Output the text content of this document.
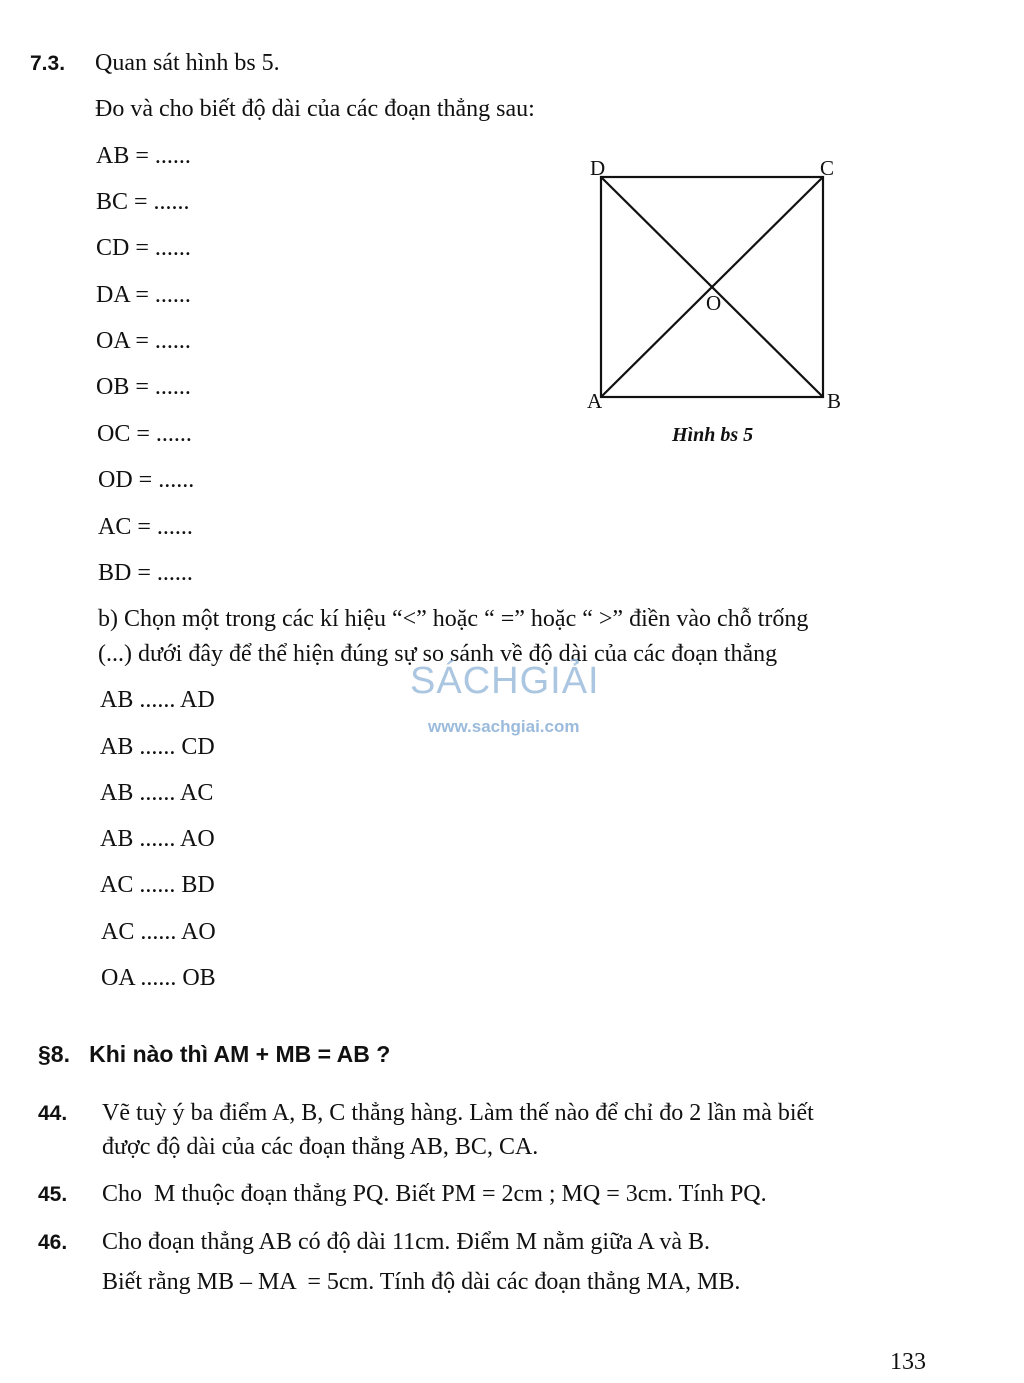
7.3. Quan sát hình bs 5.
Đo và cho biết độ dài của các đoạn thẳng sau:
AB = ......
BC = ......
CD = ......
DA = ......
OA = ......
OB = ......
OC = ......
OD = ......
AC = ......
BD = ......
D	C
O
A	B
Hình bs 5
b) Chọn một trong các kí hiệu “<” hoặc “ =” hoặc “ >” điền vào chỗ trống
(...) dưới đây để thể hiện đúng sự so sánh về độ dài của các đoạn thẳng
SÁCHGIẢI
www.sachgiai.com
AB ...... AD
AB ...... CD
AB ...... AC
AB ...... AO
AC ...... BD
AC ...... AO
OA ...... OB
§8.   Khi nào thì AM + MB = AB ?
44. Vẽ tuỳ ý ba điểm A, B, C thẳng hàng. Làm thế nào để chỉ đo 2 lần mà biết
được độ dài của các đoạn thẳng AB, BC, CA.
45. Cho  M thuộc đoạn thẳng PQ. Biết PM = 2cm ; MQ = 3cm. Tính PQ.
46. Cho đoạn thẳng AB có độ dài 11cm. Điểm M nằm giữa A và B.
Biết rằng MB – MA  = 5cm. Tính độ dài các đoạn thẳng MA, MB.
133
